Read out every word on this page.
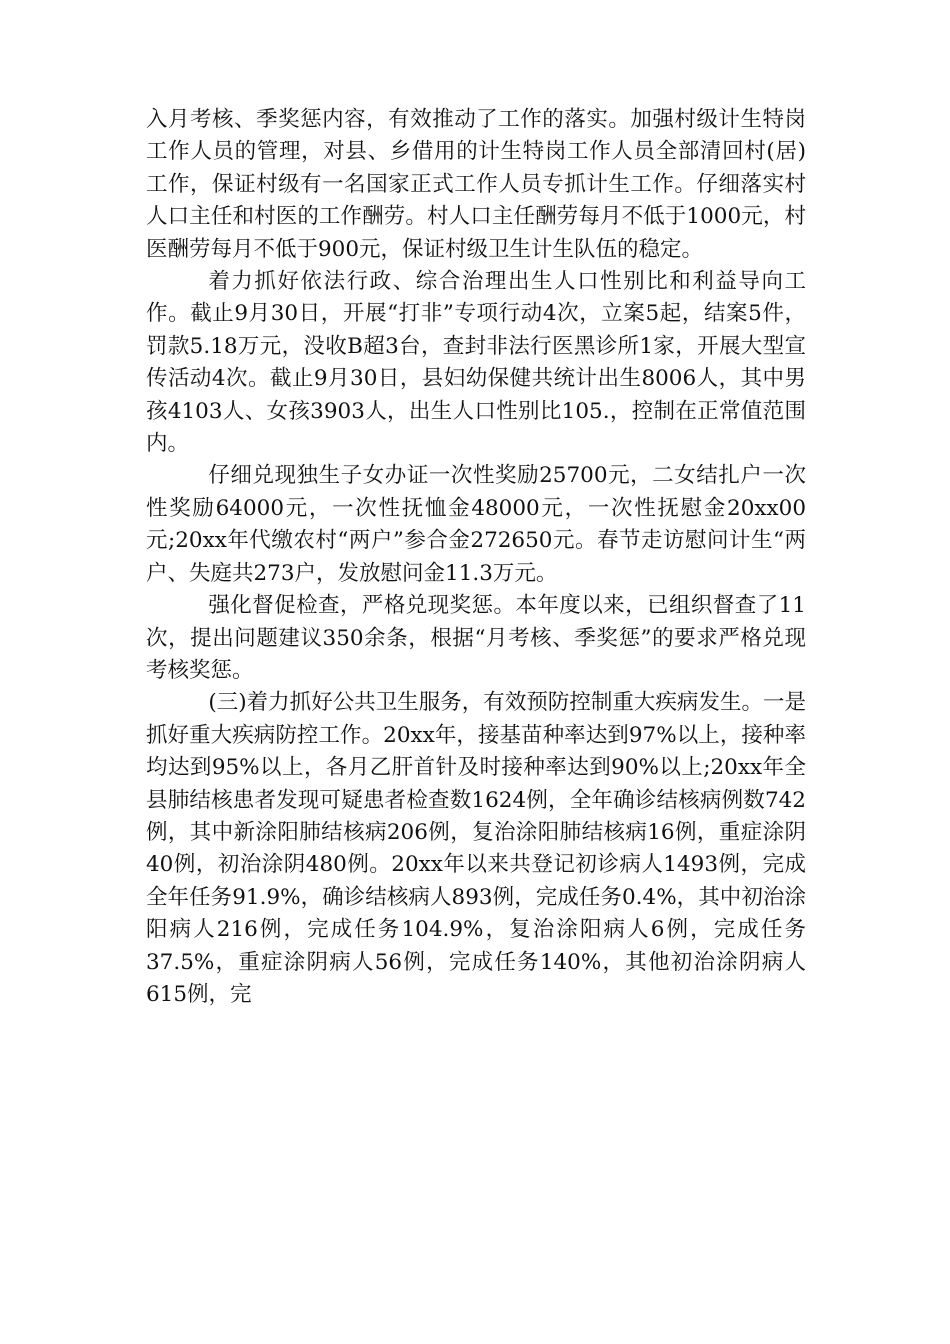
入月考核、季奖惩内容，有效推动了工作的落实。加强村级计生特岗工作人员的管理，对县、乡借用的计生特岗工作人员全部清回村(居)工作，保证村级有一名国家正式工作人员专抓计生工作。仔细落实村人口主任和村医的工作酬劳。村人口主任酬劳每月不低于1000元，村医酬劳每月不低于900元，保证村级卫生计生队伍的稳定。

着力抓好依法行政、综合治理出生人口性别比和利益导向工作。截止9月30日，开展“打非”专项行动4次，立案5起，结案5件，罚款5.18万元，没收B超3台，查封非法行医黑诊所1家，开展大型宣传活动4次。截止9月30日，县妇幼保健共统计出生8006人，其中男孩4103人、女孩3903人，出生人口性别比105.，控制在正常值范围内。

仔细兑现独生子女办证一次性奖励25700元，二女结扎户一次性奖励64000元，一次性抚恤金48000元，一次性抚慰金20xx00元;20xx年代缴农村“两户”参合金272650元。春节走访慰问计生“两户、失庭共273户，发放慰问金11.3万元。

强化督促检查，严格兑现奖惩。本年度以来，已组织督查了11次，提出问题建议350余条，根据“月考核、季奖惩”的要求严格兑现考核奖惩。

(三)着力抓好公共卫生服务，有效预防控制重大疾病发生。一是抓好重大疾病防控工作。20xx年，接基苗种率达到97%以上，接种率均达到95%以上，各月乙肝首针及时接种率达到90%以上;20xx年全县肺结核患者发现可疑患者检查数1624例，全年确诊结核病例数742例，其中新涂阳肺结核病206例，复治涂阳肺结核病16例，重症涂阴40例，初治涂阴480例。20xx年以来共登记初诊病人1493例，完成全年任务91.9%，确诊结核病人893例，完成任务0.4%，其中初治涂阳病人216例，完成任务104.9%，复治涂阳病人6例，完成任务37.5%，重症涂阴病人56例，完成任务140%，其他初治涂阴病人615例，完
